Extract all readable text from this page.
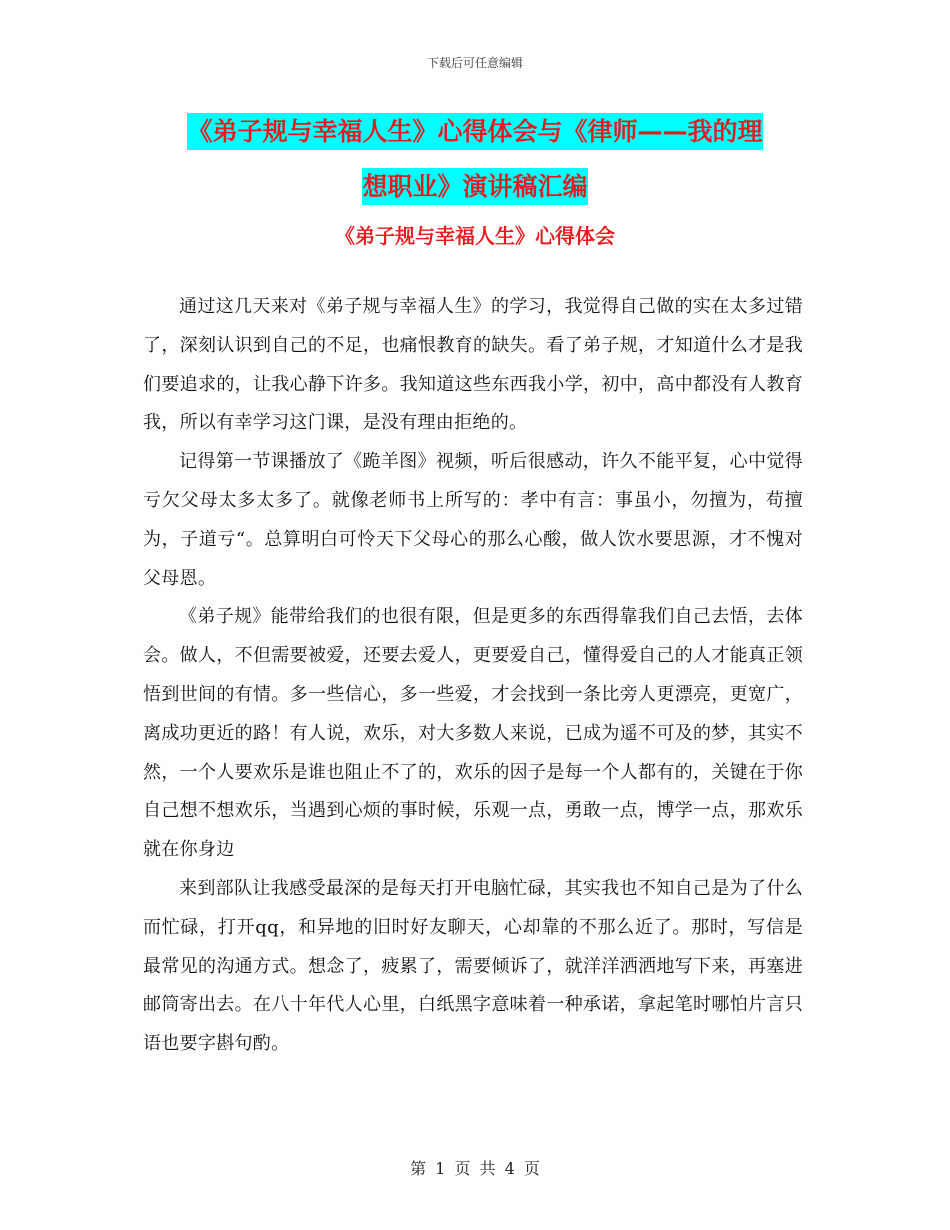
下载后可任意编辑
《弟子规与幸福人生》心得体会与《律师——我的理
想职业》演讲稿汇编
《弟子规与幸福人生》心得体会

通过这几天来对《弟子规与幸福人生》的学习，我觉得自己做的实在太多过错了，深刻认识到自己的不足，也痛恨教育的缺失。看了弟子规，才知道什么才是我们要追求的，让我心静下许多。我知道这些东西我小学，初中，高中都没有人教育我，所以有幸学习这门课，是没有理由拒绝的。

记得第一节课播放了《跪羊图》视频，听后很感动，许久不能平复，心中觉得亏欠父母太多太多了。就像老师书上所写的：孝中有言：事虽小，勿擅为，苟擅为，子道亏“。总算明白可怜天下父母心的那么心酸，做人饮水要思源，才不愧对父母恩。

《弟子规》能带给我们的也很有限，但是更多的东西得靠我们自己去悟，去体会。做人，不但需要被爱，还要去爱人，更要爱自己，懂得爱自己的人才能真正领悟到世间的有情。多一些信心，多一些爱，才会找到一条比旁人更漂亮，更宽广，离成功更近的路！有人说，欢乐，对大多数人来说，已成为遥不可及的梦，其实不然，一个人要欢乐是谁也阻止不了的，欢乐的因子是每一个人都有的，关键在于你自己想不想欢乐，当遇到心烦的事时候，乐观一点，勇敢一点，博学一点，那欢乐就在你身边

来到部队让我感受最深的是每天打开电脑忙碌，其实我也不知自己是为了什么而忙碌，打开qq，和异地的旧时好友聊天，心却靠的不那么近了。那时，写信是最常见的沟通方式。想念了，疲累了，需要倾诉了，就洋洋洒洒地写下来，再塞进邮筒寄出去。在八十年代人心里，白纸黑字意味着一种承诺，拿起笔时哪怕片言只语也要字斟句酌。

第 1 页 共 4 页
